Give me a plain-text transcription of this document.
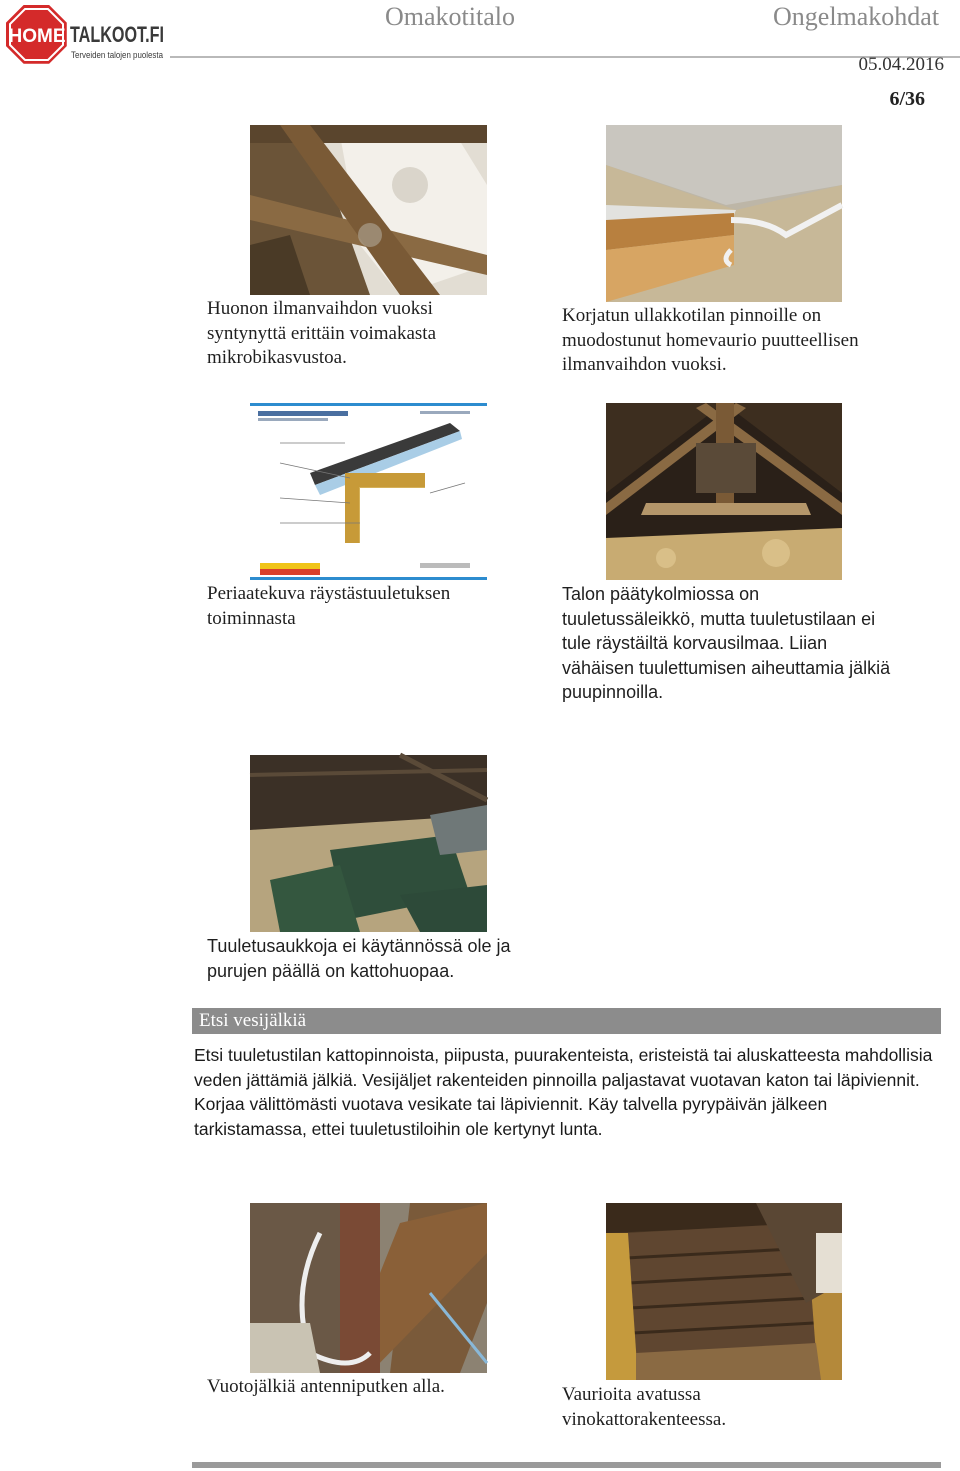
HOME TALKOOT.FI
Terveiden talojen puolesta
Omakotitalo	Ongelmakohdat
05.04.2016
6/36
Huonon ilmanvaihdon vuoksi syntynyttä erittäin voimakasta mikrobikasvustoa.
Korjatun ullakkotilan pinnoille on muodostunut homevaurio puutteellisen ilmanvaihdon vuoksi.
Periaatekuva räystästuuletuksen toiminnasta
Talon päätykolmiossa on tuuletussäleikkö, mutta tuuletustilaan ei tule räystäiltä korvausilmaa. Liian vähäisen tuulettumisen aiheuttamia jälkiä puupinnoilla.
Tuuletusaukkoja ei käytännössä ole ja purujen päällä on kattohuopaa.
Etsi vesijälkiä
Etsi tuuletustilan kattopinnoista, piipusta, puurakenteista, eristeistä tai aluskatteesta mahdollisia veden jättämiä jälkiä. Vesijäljet rakenteiden pinnoilla paljastavat vuotavan katon tai läpiviennit. Korjaa välittömästi vuotava vesikate tai läpiviennit. Käy talvella pyrypäivän jälkeen tarkistamassa, ettei tuuletustiloihin ole kertynyt lunta.
Vuotojälkiä antenniputken alla.	Vaurioita avatussa vinokattorakenteessa.
